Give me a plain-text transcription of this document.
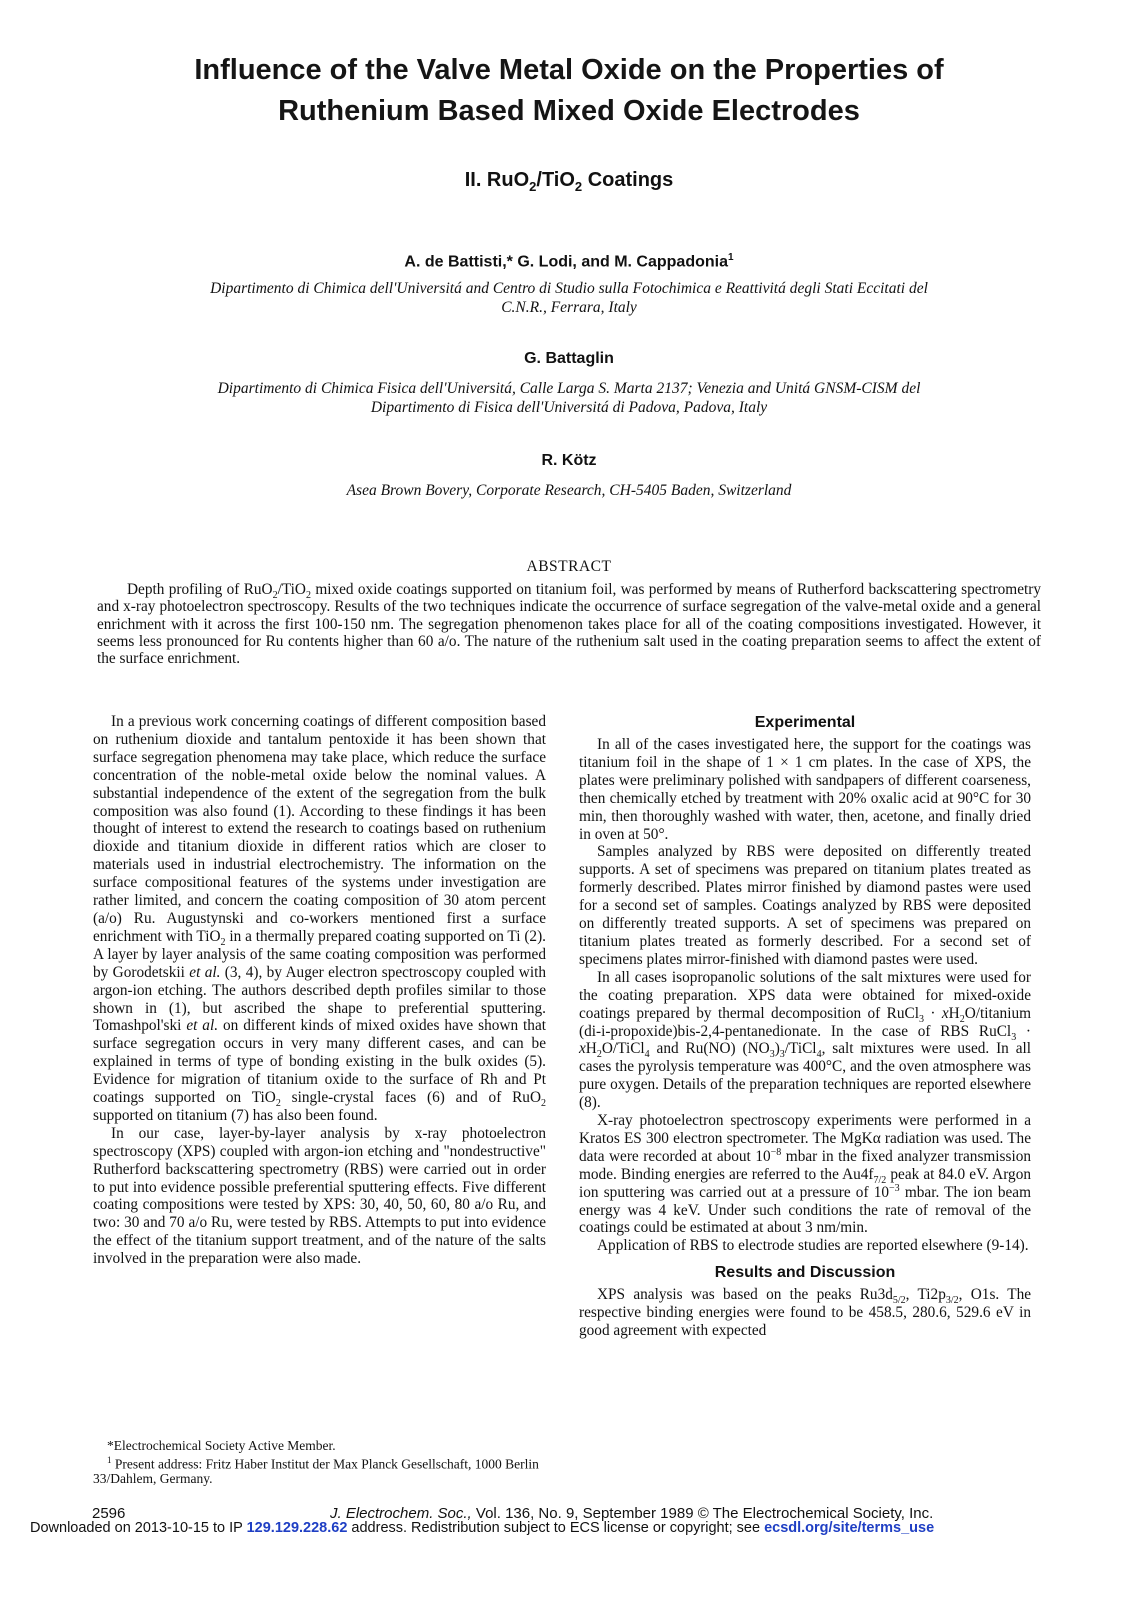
Influence of the Valve Metal Oxide on the Properties of
Ruthenium Based Mixed Oxide Electrodes
II. RuO$_2$/TiO$_2$ Coatings
A. de Battisti,* G. Lodi, and M. Cappadonia$^1$
Dipartimento di Chimica dell'Universitá and Centro di Studio sulla Fotochimica e Reattivitá degli Stati Eccitati del
C.N.R., Ferrara, Italy
G. Battaglin
Dipartimento di Chimica Fisica dell'Universitá, Calle Larga S. Marta 2137; Venezia and Unitá GNSM-CISM del
Dipartimento di Fisica dell'Universitá di Padova, Padova, Italy
R. Kötz
Asea Brown Bovery, Corporate Research, CH-5405 Baden, Switzerland
ABSTRACT
Depth profiling of RuO$_2$/TiO$_2$ mixed oxide coatings supported on titanium foil, was performed by means of Rutherford backscattering spectrometry and x-ray photoelectron spectroscopy. Results of the two techniques indicate the occurrence of surface segregation of the valve-metal oxide and a general enrichment with it across the first 100-150 nm. The segregation phenomenon takes place for all of the coating compositions investigated. However, it seems less pronounced for Ru contents higher than 60 a/o. The nature of the ruthenium salt used in the coating preparation seems to affect the extent of the surface enrichment.

In a previous work concerning coatings of different composition based on ruthenium dioxide and tantalum pentoxide it has been shown that surface segregation phenomena may take place, which reduce the surface concentration of the noble-metal oxide below the nominal values. A substantial independence of the extent of the segregation from the bulk composition was also found (1). According to these findings it has been thought of interest to extend the research to coatings based on ruthenium dioxide and titanium dioxide in different ratios which are closer to materials used in industrial electrochemistry. The information on the surface compositional features of the systems under investigation are rather limited, and concern the coating composition of 30 atom percent (a/o) Ru. Augustynski and co-workers mentioned first a surface enrichment with TiO$_2$ in a thermally prepared coating supported on Ti (2). A layer by layer analysis of the same coating composition was performed by Gorodetskii et al. (3, 4), by Auger electron spectroscopy coupled with argon-ion etching. The authors described depth profiles similar to those shown in (1), but ascribed the shape to preferential sputtering. Tomashpol'ski et al. on different kinds of mixed oxides have shown that surface segregation occurs in very many different cases, and can be explained in terms of type of bonding existing in the bulk oxides (5). Evidence for migration of titanium oxide to the surface of Rh and Pt coatings supported on TiO$_2$ single-crystal faces (6) and of RuO$_2$ supported on titanium (7) has also been found.

In our case, layer-by-layer analysis by x-ray photoelectron spectroscopy (XPS) coupled with argon-ion etching and "nondestructive" Rutherford backscattering spectrometry (RBS) were carried out in order to put into evidence possible preferential sputtering effects. Five different coating compositions were tested by XPS: 30, 40, 50, 60, 80 a/o Ru, and two: 30 and 70 a/o Ru, were tested by RBS. Attempts to put into evidence the effect of the titanium support treatment, and of the nature of the salts involved in the preparation were also made.

*Electrochemical Society Active Member.

$^1$ Present address: Fritz Haber Institut der Max Planck Gesellschaft, 1000 Berlin 33/Dahlem, Germany.

Experimental

In all of the cases investigated here, the support for the coatings was titanium foil in the shape of 1 × 1 cm plates. In the case of XPS, the plates were preliminary polished with sandpapers of different coarseness, then chemically etched by treatment with 20% oxalic acid at 90°C for 30 min, then thoroughly washed with water, then, acetone, and finally dried in oven at 50°.

Samples analyzed by RBS were deposited on differently treated supports. A set of specimens was prepared on titanium plates treated as formerly described. Plates mirror finished by diamond pastes were used for a second set of samples. Coatings analyzed by RBS were deposited on differently treated supports. A set of specimens was prepared on titanium plates treated as formerly described. For a second set of specimens plates mirror-finished with diamond pastes were used.

In all cases isopropanolic solutions of the salt mixtures were used for the coating preparation. XPS data were obtained for mixed-oxide coatings prepared by thermal decomposition of RuCl$_3$ · $xH_2O$/titanium (di-i-propoxide)bis-2,4-pentanedionate. In the case of RBS RuCl$_3$ · $xH_2O/TiCl_4$ and Ru(NO) $(NO_3)_3/TiCl_4$, salt mixtures were used. In all cases the pyrolysis temperature was 400°C, and the oven atmosphere was pure oxygen. Details of the preparation techniques are reported elsewhere (8).

X-ray photoelectron spectroscopy experiments were performed in a Kratos ES 300 electron spectrometer. The MgKα radiation was used. The data were recorded at about $10^{-8}$ mbar in the fixed analyzer transmission mode. Binding energies are referred to the $Au4f_{7/2}$ peak at 84.0 eV. Argon ion sputtering was carried out at a pressure of $10^{-3}$ mbar. The ion beam energy was 4 keV. Under such conditions the rate of removal of the coatings could be estimated at about 3 nm/min.

Application of RBS to electrode studies are reported elsewhere (9-14).

Results and Discussion

XPS analysis was based on the peaks $Ru3d_{5/2}$, $Ti2p_{3/2}$, O1s. The respective binding energies were found to be 458.5, 280.6, 529.6 eV in good agreement with expected

2596	J. Electrochem. Soc., Vol. 136, No. 9, September 1989 © The Electrochemical Society, Inc.
Downloaded on 2013-10-15 to IP 129.129.228.62 address. Redistribution subject to ECS license or copyright; see ecsdl.org/site/terms_use
